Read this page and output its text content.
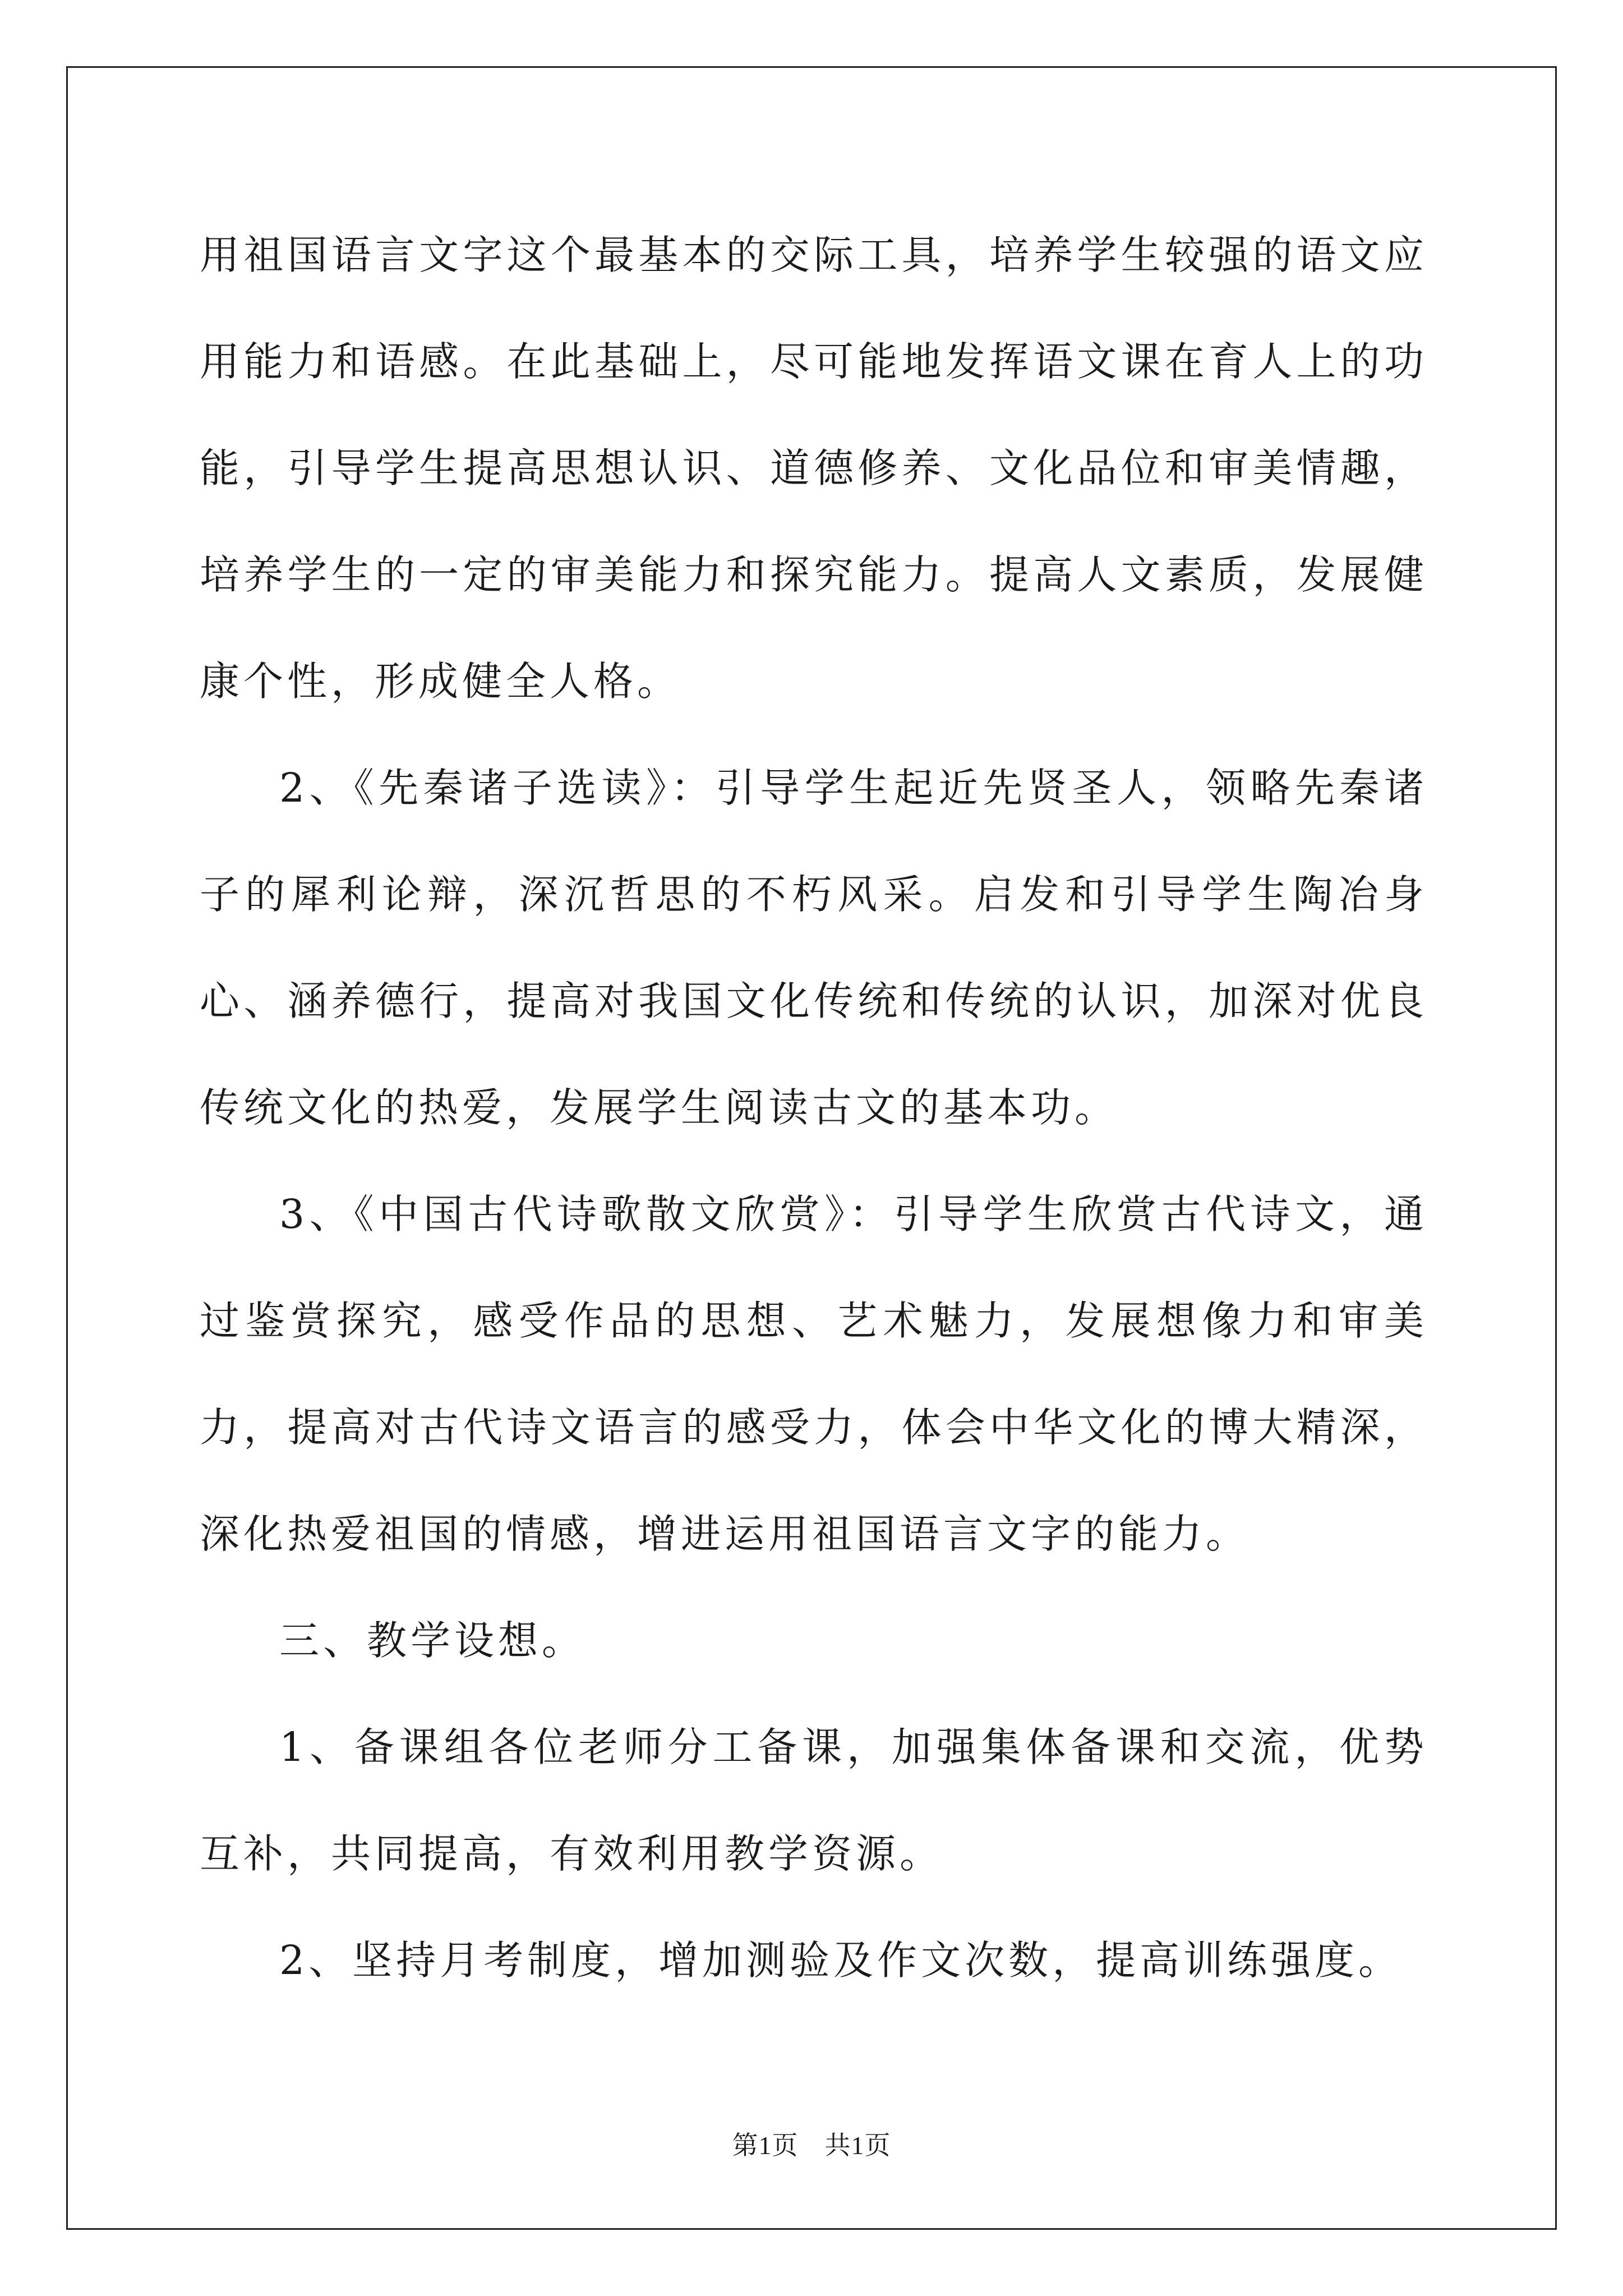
用祖国语言文字这个最基本的交际工具，培养学生较强的语文应用能力和语感。在此基础上，尽可能地发挥语文课在育人上的功能，引导学生提高思想认识、道德修养、文化品位和审美情趣，培养学生的一定的审美能力和探究能力。提高人文素质，发展健康个性，形成健全人格。

2、《先秦诸子选读》：引导学生起近先贤圣人，领略先秦诸子的犀利论辩，深沉哲思的不朽风采。启发和引导学生陶冶身心、涵养德行，提高对我国文化传统和传统的认识，加深对优良传统文化的热爱，发展学生阅读古文的基本功。

3、《中国古代诗歌散文欣赏》：引导学生欣赏古代诗文，通过鉴赏探究，感受作品的思想、艺术魅力，发展想像力和审美力，提高对古代诗文语言的感受力，体会中华文化的博大精深，深化热爱祖国的情感，增进运用祖国语言文字的能力。

三、教学设想。

1、备课组各位老师分工备课，加强集体备课和交流，优势互补，共同提高，有效利用教学资源。

2、坚持月考制度，增加测验及作文次数，提高训练强度。

第1页　共1页
